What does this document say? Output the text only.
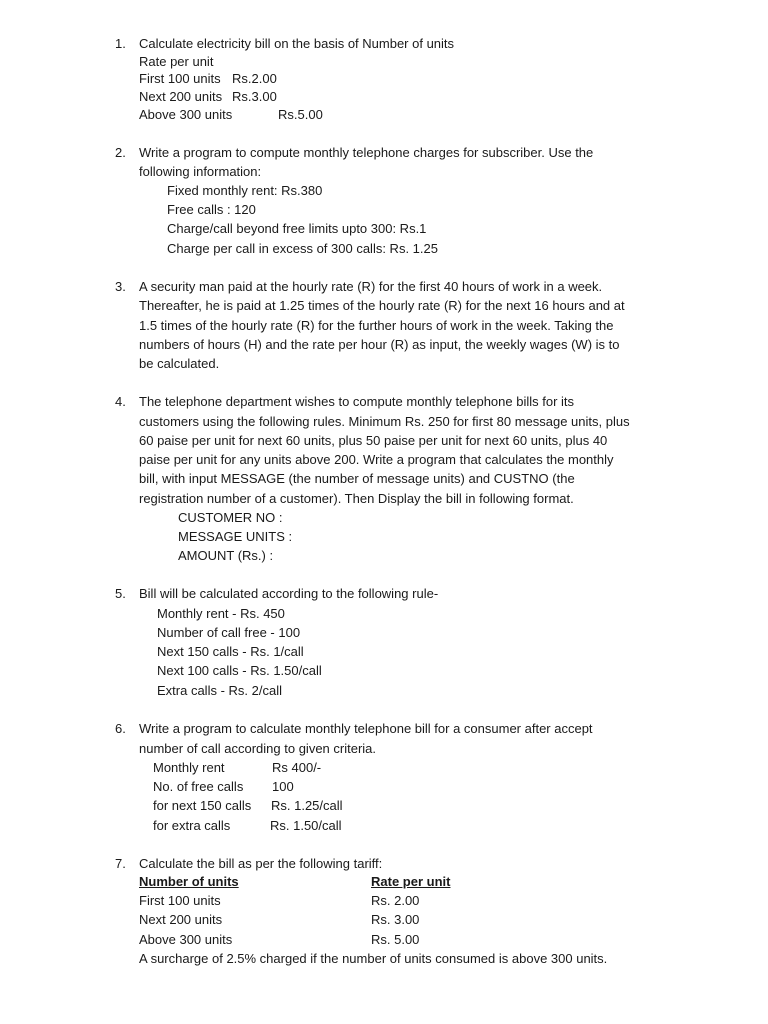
1. Calculate electricity bill on the basis of Number of units
Rate per unit
First 100 units Rs.2.00
Next 200 units Rs.3.00
Above 300 units	Rs.5.00
2. Write a program to compute monthly telephone charges for subscriber. Use the
following information:
Fixed monthly rent: Rs.380
Free calls : 120
Charge/call beyond free limits upto 300: Rs.1
Charge per call in excess of 300 calls: Rs. 1.25
3. A security man paid at the hourly rate (R) for the first 40 hours of work in a week.
Thereafter, he is paid at 1.25 times of the hourly rate (R) for the next 16 hours and at
1.5 times of the hourly rate (R) for the further hours of work in the week. Taking the
numbers of hours (H) and the rate per hour (R) as input, the weekly wages (W) is to
be calculated.
4. The telephone department wishes to compute monthly telephone bills for its
customers using the following rules. Minimum Rs. 250 for first 80 message units, plus
60 paise per unit for next 60 units, plus 50 paise per unit for next 60 units, plus 40
paise per unit for any units above 200. Write a program that calculates the monthly
bill, with input MESSAGE (the number of message units) and CUSTNO (the
registration number of a customer). Then Display the bill in following format.
CUSTOMER NO :
MESSAGE UNITS :
AMOUNT (Rs.) :
5. Bill will be calculated according to the following rule-
Monthly rent - Rs. 450
Number of call free - 100
Next 150 calls - Rs. 1/call
Next 100 calls - Rs. 1.50/call
Extra calls - Rs. 2/call
6. Write a program to calculate monthly telephone bill for a consumer after accept
number of call according to given criteria.
Monthly rent	Rs 400/-
No. of free calls 100
for next 150 calls Rs. 1.25/call
for extra calls	Rs. 1.50/call
7. Calculate the bill as per the following tariff:
Number of units	Rate per unit
First 100 units	Rs. 2.00
Next 200 units	Rs. 3.00
Above 300 units	Rs. 5.00
A surcharge of 2.5% charged if the number of units consumed is above 300 units.
